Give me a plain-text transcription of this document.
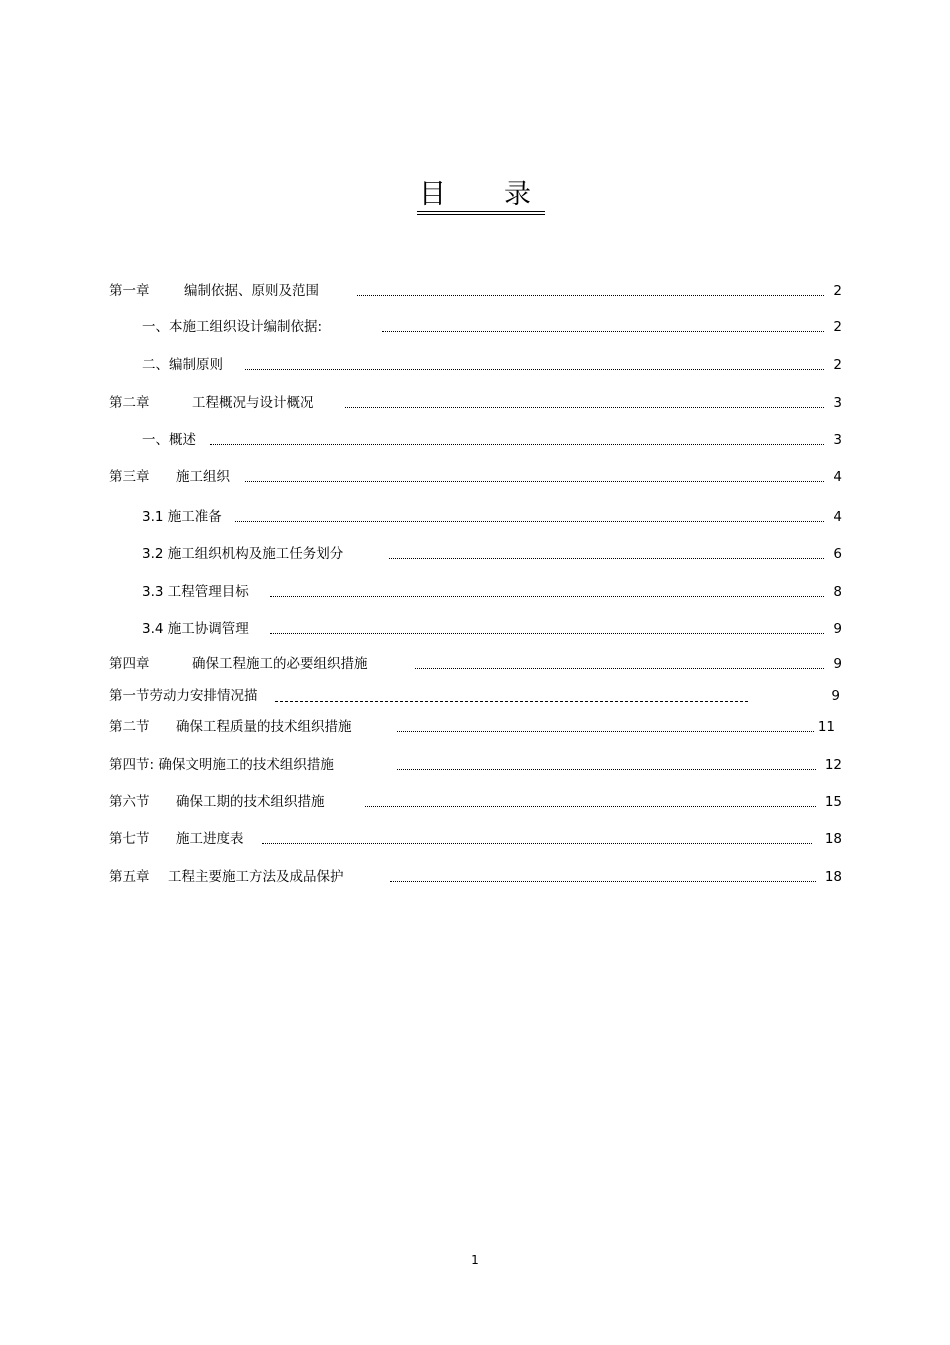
目 录
第一章	编制依据、原则及范围	2
一、本施工组织设计编制依据:	2
二、编制原则	2
第二章	工程概况与设计概况	3
一、概述	3
第三章 施工组织	4
3.1 施工准备	4
3.2 施工组织机构及施工任务划分	6
3.3 工程管理目标	8
3.4 施工协调管理	9
第四章	确保工程施工的必要组织措施	9
第一节劳动力安排情况描	9
第二节 确保工程质量的技术组织措施	11
第四节: 确保文明施工的技术组织措施	12
第六节 确保工期的技术组织措施	15
第七节 施工进度表	18
第五章 工程主要施工方法及成品保护	18
1
